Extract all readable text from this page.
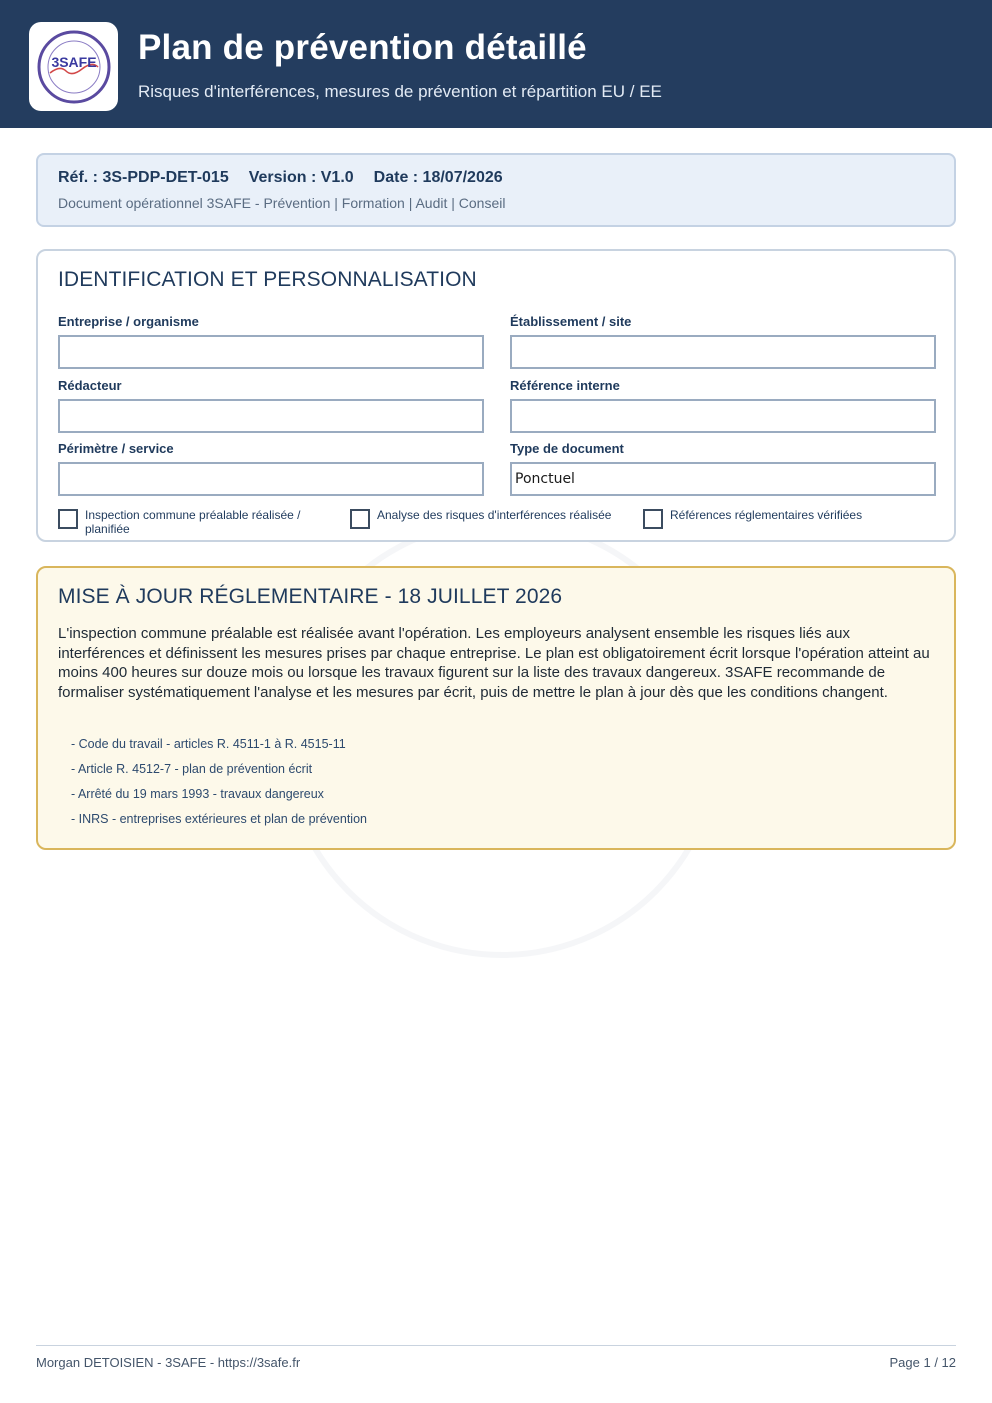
3SAFE Plan de prévention détaillé
Risques d'interférences, mesures de prévention et répartition EU / EE
Réf. : 3S-PDP-DET-015 Version : V1.0 Date : 18/07/2026
Document opérationnel 3SAFE - Prévention | Formation | Audit | Conseil
IDENTIFICATION ET PERSONNALISATION
Entreprise / organisme	Établissement / site
Rédacteur	Référence interne
Périmètre / service	Type de document
Ponctuel
Inspection commune préalable réalisée / planifiée
Analyse des risques d'interférences réalisée	Références réglementaires vérifiées
MISE À JOUR RÉGLEMENTAIRE - 18 JUILLET 2026
L'inspection commune préalable est réalisée avant l'opération. Les employeurs analysent ensemble les risques liés aux interférences et définissent les mesures prises par chaque entreprise. Le plan est obligatoirement écrit lorsque l'opération atteint au moins 400 heures sur douze mois ou lorsque les travaux figurent sur la liste des travaux dangereux. 3SAFE recommande de formaliser systématiquement l'analyse et les mesures par écrit, puis de mettre le plan à jour dès que les conditions changent.
- Code du travail - articles R. 4511-1 à R. 4515-11
- Article R. 4512-7 - plan de prévention écrit
- Arrêté du 19 mars 1993 - travaux dangereux
- INRS - entreprises extérieures et plan de prévention
Morgan DETOISIEN - 3SAFE - https://3safe.fr	Page 1 / 12
